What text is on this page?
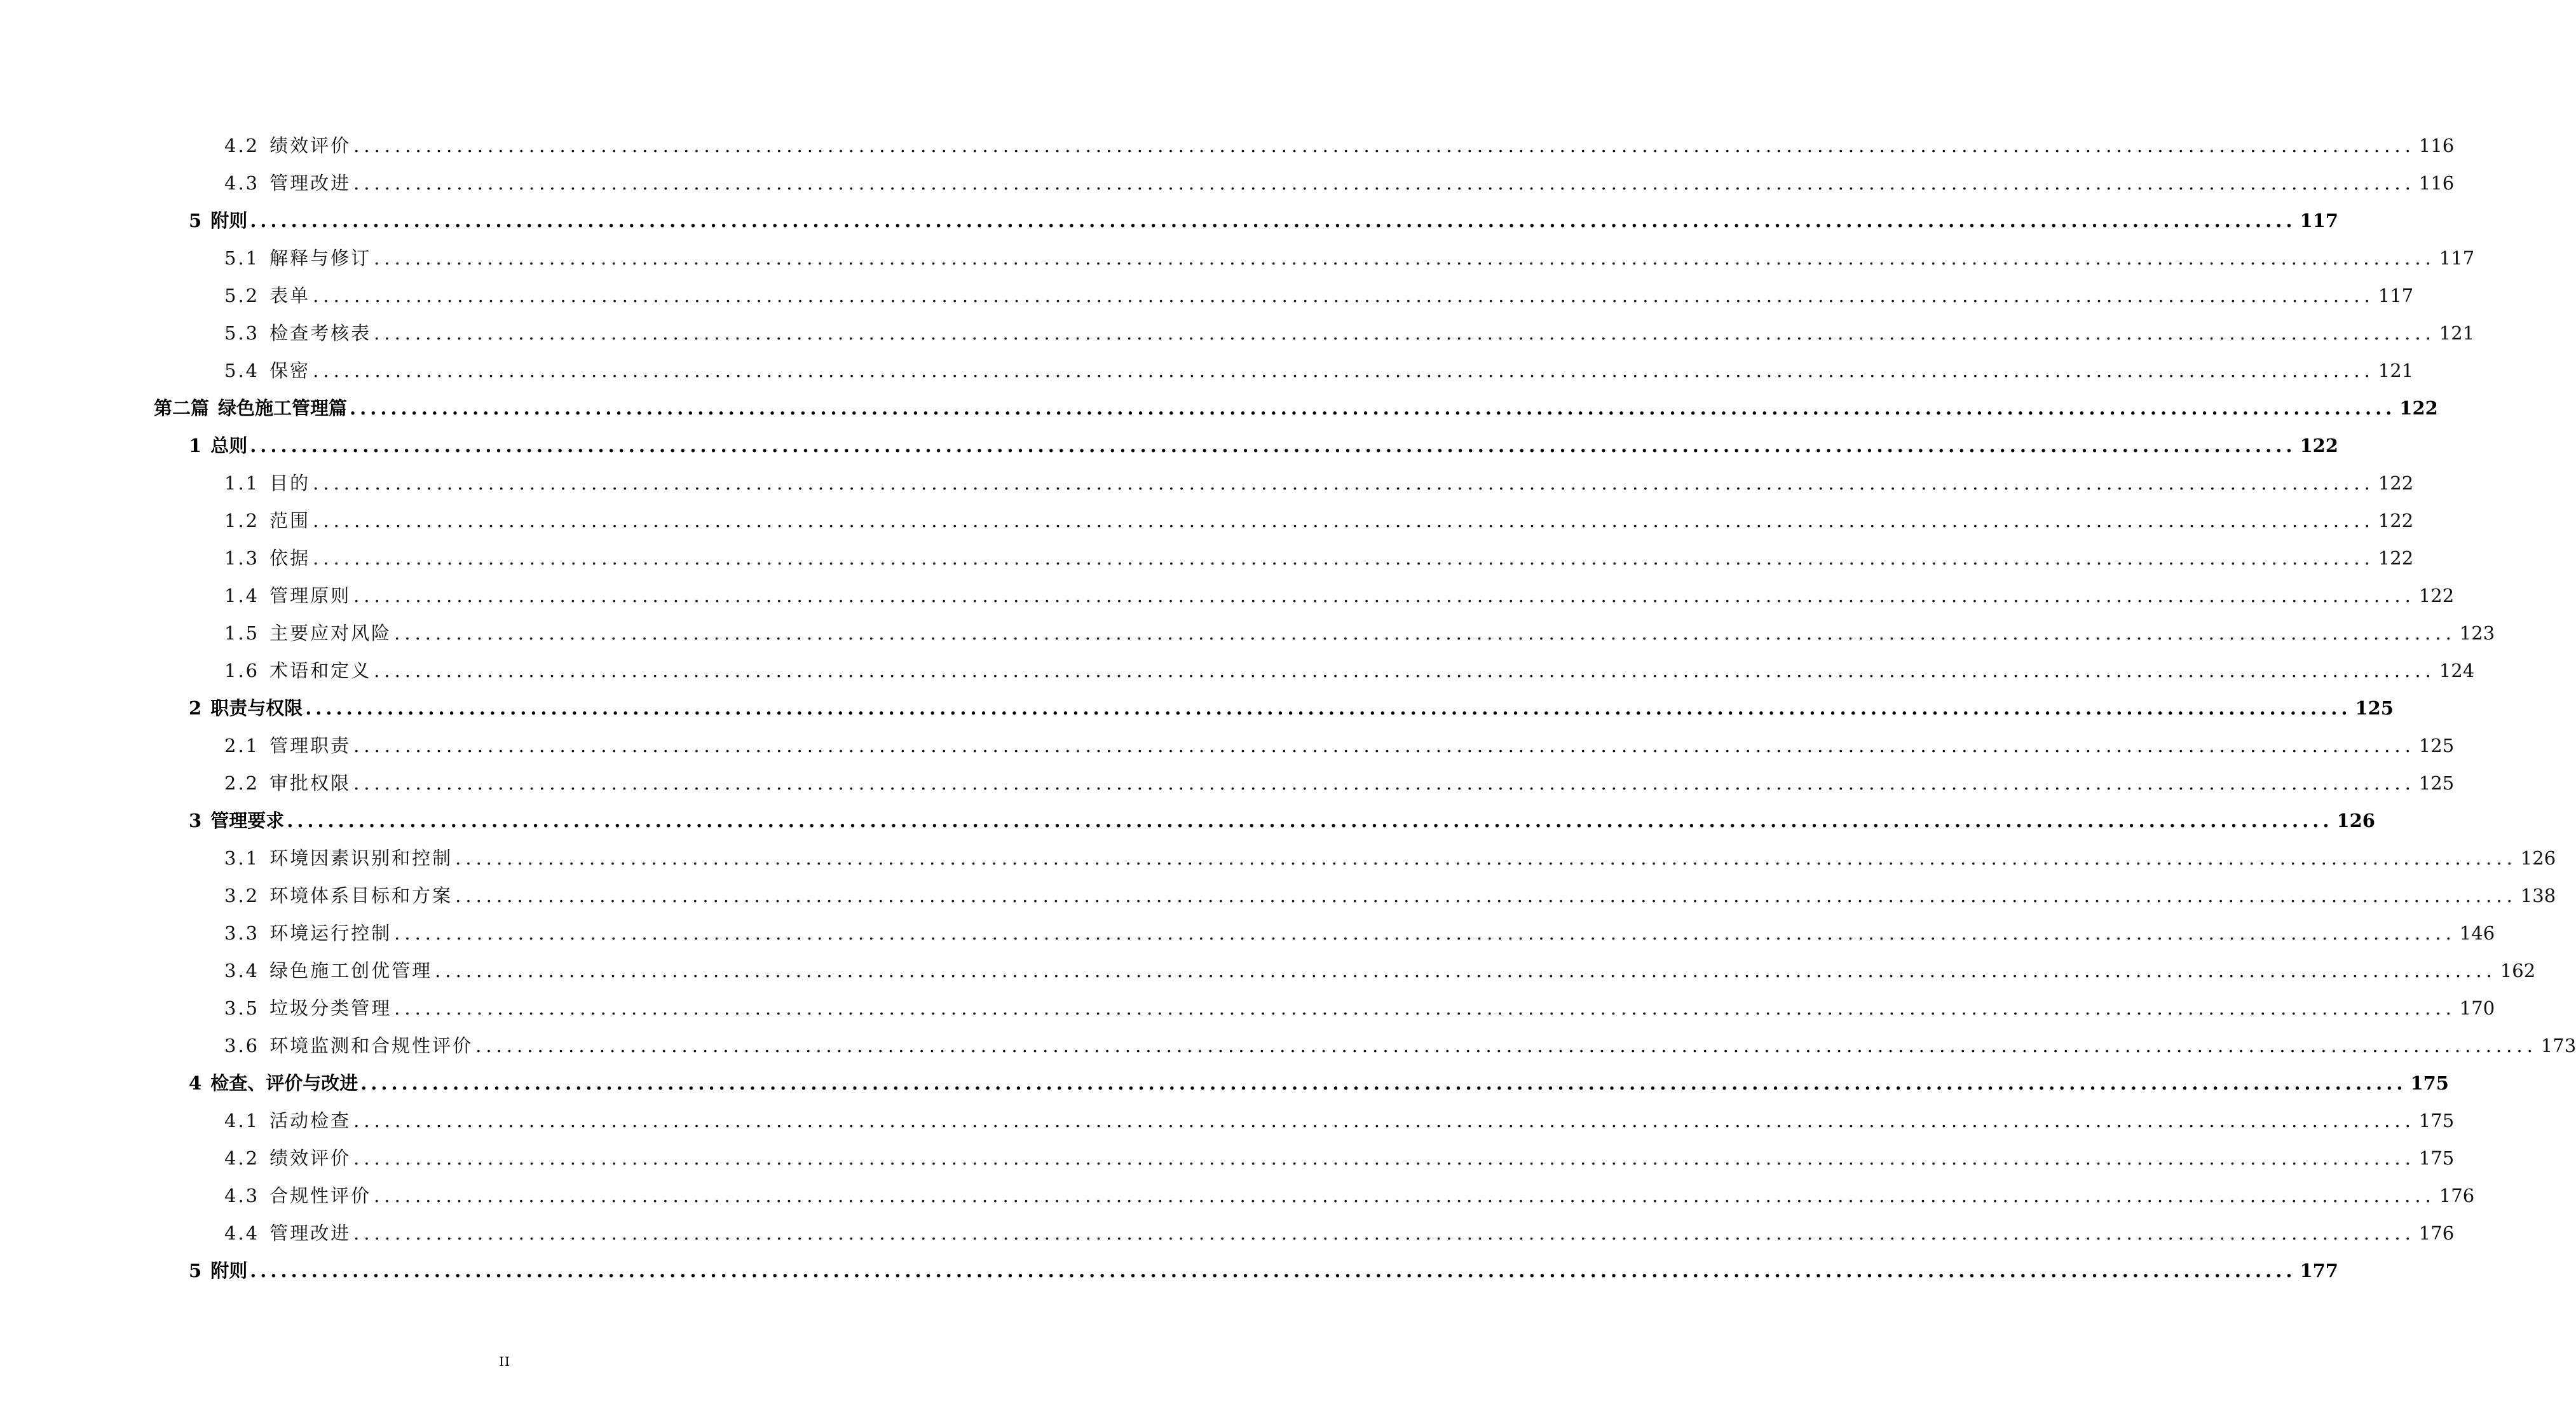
4.2 绩效评价 ........................................................................................................................................................................................................ 116
4.3 管理改进 ........................................................................................................................................................................................................ 116
5 附则 ........................................................................................................................................................................................................ 117
5.1 解释与修订 ........................................................................................................................................................................................................ 117
5.2 表单 ........................................................................................................................................................................................................ 117
5.3 检查考核表 ........................................................................................................................................................................................................ 121
5.4 保密 ........................................................................................................................................................................................................ 121
第二篇 绿色施工管理篇 ........................................................................................................................................................................................................ 122
1 总则 ........................................................................................................................................................................................................ 122
1.1 目的 ........................................................................................................................................................................................................ 122
1.2 范围 ........................................................................................................................................................................................................ 122
1.3 依据 ........................................................................................................................................................................................................ 122
1.4 管理原则 ........................................................................................................................................................................................................ 122
1.5 主要应对风险 ........................................................................................................................................................................................................ 123
1.6 术语和定义 ........................................................................................................................................................................................................ 124
2 职责与权限 ........................................................................................................................................................................................................ 125
2.1 管理职责 ........................................................................................................................................................................................................ 125
2.2 审批权限 ........................................................................................................................................................................................................ 125
3 管理要求 ........................................................................................................................................................................................................ 126
3.1 环境因素识别和控制 ........................................................................................................................................................................................................ 126
3.2 环境体系目标和方案 ........................................................................................................................................................................................................ 138
3.3 环境运行控制 ........................................................................................................................................................................................................ 146
3.4 绿色施工创优管理 ........................................................................................................................................................................................................ 162
3.5 垃圾分类管理 ........................................................................................................................................................................................................ 170
3.6 环境监测和合规性评价 ........................................................................................................................................................................................................ 173
4 检查、评价与改进 ........................................................................................................................................................................................................ 175
4.1 活动检查 ........................................................................................................................................................................................................ 175
4.2 绩效评价 ........................................................................................................................................................................................................ 175
4.3 合规性评价 ........................................................................................................................................................................................................ 176
4.4 管理改进 ........................................................................................................................................................................................................ 176
5 附则 ........................................................................................................................................................................................................ 177
II
